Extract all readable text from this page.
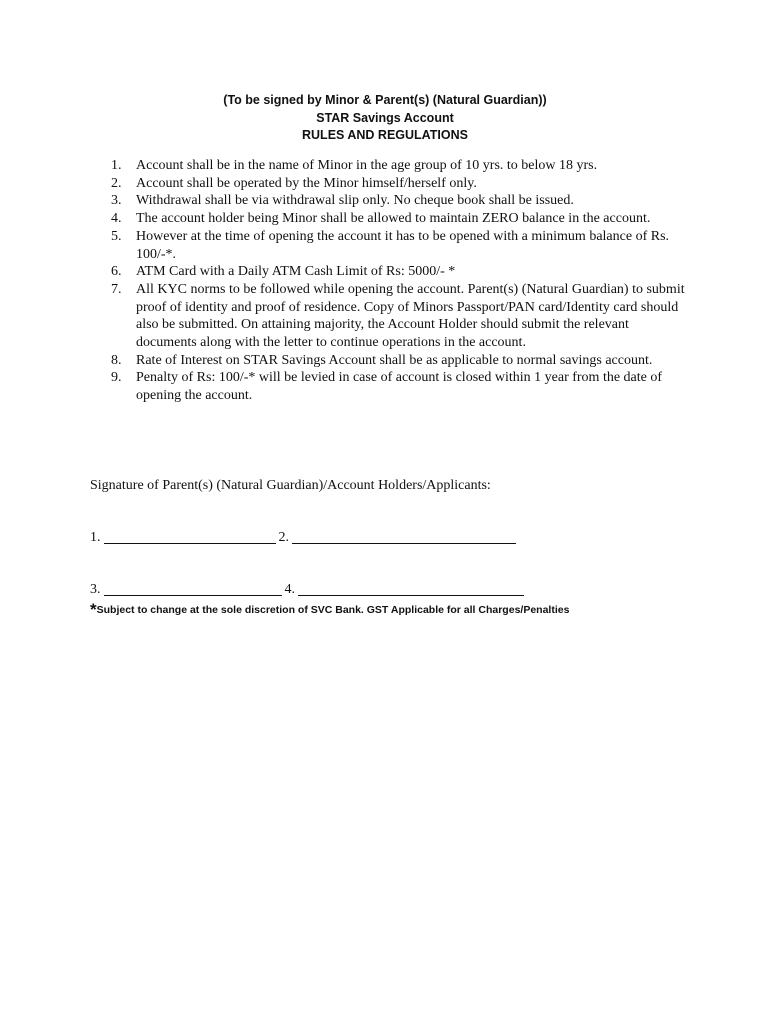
(To be signed by Minor & Parent(s) (Natural Guardian))
STAR Savings Account
RULES AND REGULATIONS
1. Account shall be in the name of Minor in the age group of 10 yrs. to below 18 yrs.
2. Account shall be operated by the Minor himself/herself only.
3. Withdrawal shall be via withdrawal slip only. No cheque book shall be issued.
4. The account holder being Minor shall be allowed to maintain ZERO balance in the account.
5. However at the time of opening the account it has to be opened with a minimum balance of Rs. 100/-*.
6. ATM Card with a Daily ATM Cash Limit of Rs: 5000/- *
7. All KYC norms to be followed while opening the account. Parent(s) (Natural Guardian) to submit proof of identity and proof of residence. Copy of Minors Passport/PAN card/Identity card should also be submitted. On attaining majority, the Account Holder should submit the relevant documents along with the letter to continue operations in the account.
8. Rate of Interest on STAR Savings Account shall be as applicable to normal savings account.
9. Penalty of Rs: 100/-* will be levied in case of account is closed within 1 year from the date of opening the account.
Signature of Parent(s) (Natural Guardian)/Account Holders/Applicants:
1.	2.
3.	4.
*Subject to change at the sole discretion of SVC Bank. GST Applicable for all Charges/Penalties
